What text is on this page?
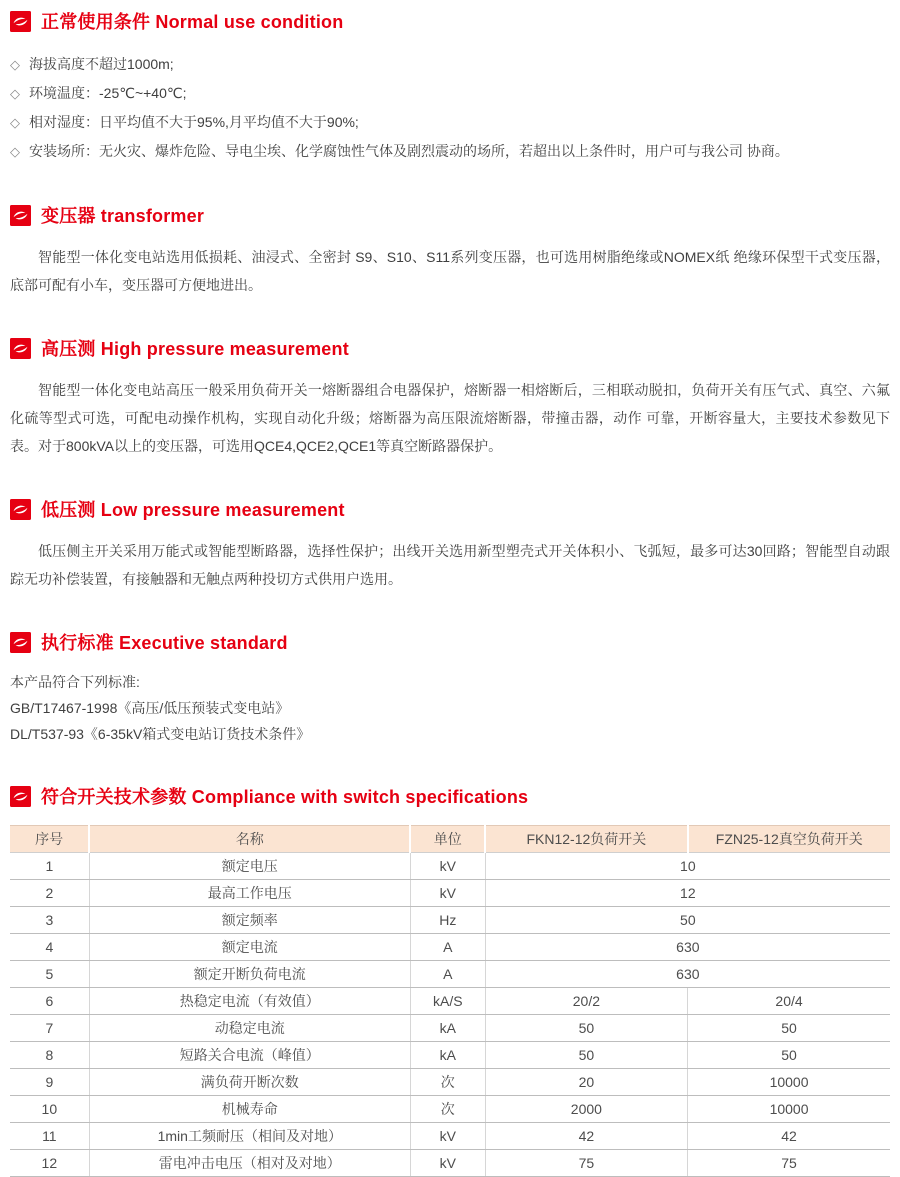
正常使用条件 Normal use condition
◇ 海拔高度不超过1000m;
◇ 环境温度：-25℃~+40℃;
◇ 相对湿度：日平均值不大于95%,月平均值不大于90%;
◇ 安装场所：无火灾、爆炸危险、导电尘埃、化学腐蚀性气体及剧烈震动的场所，若超出以上条件时，用户可与我公司 协商。
变压器 transformer

智能型一体化变电站选用低损耗、油浸式、全密封 S9、S10、S11系列变压器，也可选用树脂绝缘或NOMEX纸 绝缘环保型干式变压器，底部可配有小车，变压器可方便地进出。

高压测 High pressure measurement

智能型一体化变电站高压一般采用负荷开关一熔断器组合电器保护，熔断器一相熔断后，三相联动脱扣，负荷开关有压气式、真空、六氟化硫等型式可选，可配电动操作机构，实现自动化升级；熔断器为高压限流熔断器，带撞击器，动作 可靠，开断容量大，主要技术参数见下表。对于800kVA以上的变压器，可选用QCE4,QCE2,QCE1等真空断路器保护。

低压测 Low pressure measurement

低压侧主开关采用万能式或智能型断路器，选择性保护；出线开关选用新型塑壳式开关体积小、飞弧短，最多可达30回路；智能型自动跟踪无功补偿装置，有接触器和无触点两种投切方式供用户选用。

执行标准 Executive standard
本产品符合下列标准:
GB/T17467-1998《高压/低压预装式变电站》
DL/T537-93《6-35kV箱式变电站订货技术条件》
符合开关技术参数 Compliance with switch specifications
序号	名称	单位	FKN12-12负荷开关	FZN25-12真空负荷开关
1	额定电压	kV	10	
2	最高工作电压	kV	12	
3	额定频率	Hz	50	
4	额定电流	A	630	
5	额定开断负荷电流	A	630	
6	热稳定电流（有效值）	kA/S	20/2	20/4
7	动稳定电流	kA	50	50
8	短路关合电流（峰值）	kA	50	50
9	满负荷开断次数	次	20	10000
10	机械寿命	次	2000	10000
11	1min工频耐压（相间及对地）	kV	42	42
12	雷电冲击电压（相对及对地）	kV	75	75
